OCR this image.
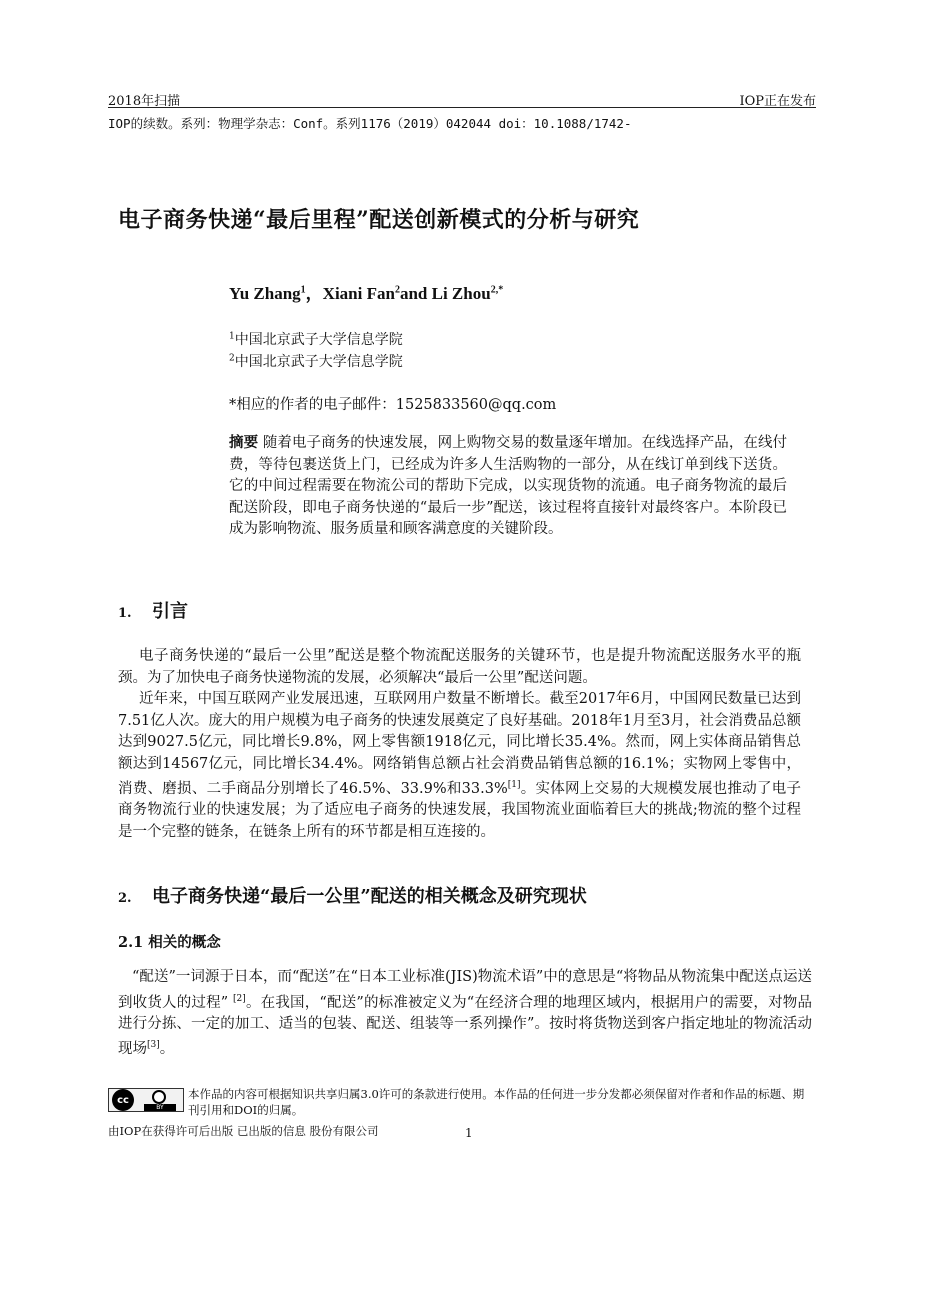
2018年扫描	IOP正在发布
IOP的续数。系列：物理学杂志：Conf。系列1176（2019）042044 doi：10.1088/1742-
电子商务快递“最后里程”配送创新模式的分析与研究
Yu Zhang$^1$，Xiani Fan$^2$and Li Zhou$^{2,*}$
$^1$中国北京武子大学信息学院
$^2$中国北京武子大学信息学院
*相应的作者的电子邮件：1525833560@qq.com
摘要 随着电子商务的快速发展，网上购物交易的数量逐年增加。在线选择产品，在线付费，等待包裹送货上门，已经成为许多人生活购物的一部分，从在线订单到线下送货。它的中间过程需要在物流公司的帮助下完成，以实现货物的流通。电子商务物流的最后配送阶段，即电子商务快递的“最后一步”配送，该过程将直接针对最终客户。本阶段已成为影响物流、服务质量和顾客满意度的关键阶段。
1. 引言
电子商务快递的“最后一公里”配送是整个物流配送服务的关键环节，也是提升物流配送服务水平的瓶颈。为了加快电子商务快递物流的发展，必须解决“最后一公里”配送问题。
近年来，中国互联网产业发展迅速，互联网用户数量不断增长。截至2017年6月，中国网民数量已达到7.51亿人次。庞大的用户规模为电子商务的快速发展奠定了良好基础。2018年1月至3月，社会消费品总额达到9027.5亿元，同比增长9.8%，网上零售额1918亿元，同比增长35.4%。然而，网上实体商品销售总额达到14567亿元，同比增长34.4%。网络销售总额占社会消费品销售总额的16.1%；实物网上零售中，消费、磨损、二手商品分别增长了46.5%、33.9%和33.3%[1]。实体网上交易的大规模发展也推动了电子商务物流行业的快速发展；为了适应电子商务的快速发展，我国物流业面临着巨大的挑战;物流的整个过程是一个完整的链条，在链条上所有的环节都是相互连接的。
2. 电子商务快递“最后一公里”配送的相关概念及研究现状
2.1 相关的概念
“配送”一词源于日本，而“配送”在“日本工业标准(JIS)物流术语”中的意思是“将物品从物流集中配送点运送到收货人的过程” [2]。在我国，“配送”的标准被定义为“在经济合理的地理区域内，根据用户的需要，对物品进行分拣、一定的加工、适当的包装、配送、组装等一系列操作”。按时将货物送到客户指定地址的物流活动现场[3]。
cc
BY
本作品的内容可根据知识共享归属3.0许可的条款进行使用。本作品的任何进一步分发都必须保留对作者和作品的标题、期刊引用和DOI的归属。
由IOP在获得许可后出版 已出版的信息 股份有限公司	1
